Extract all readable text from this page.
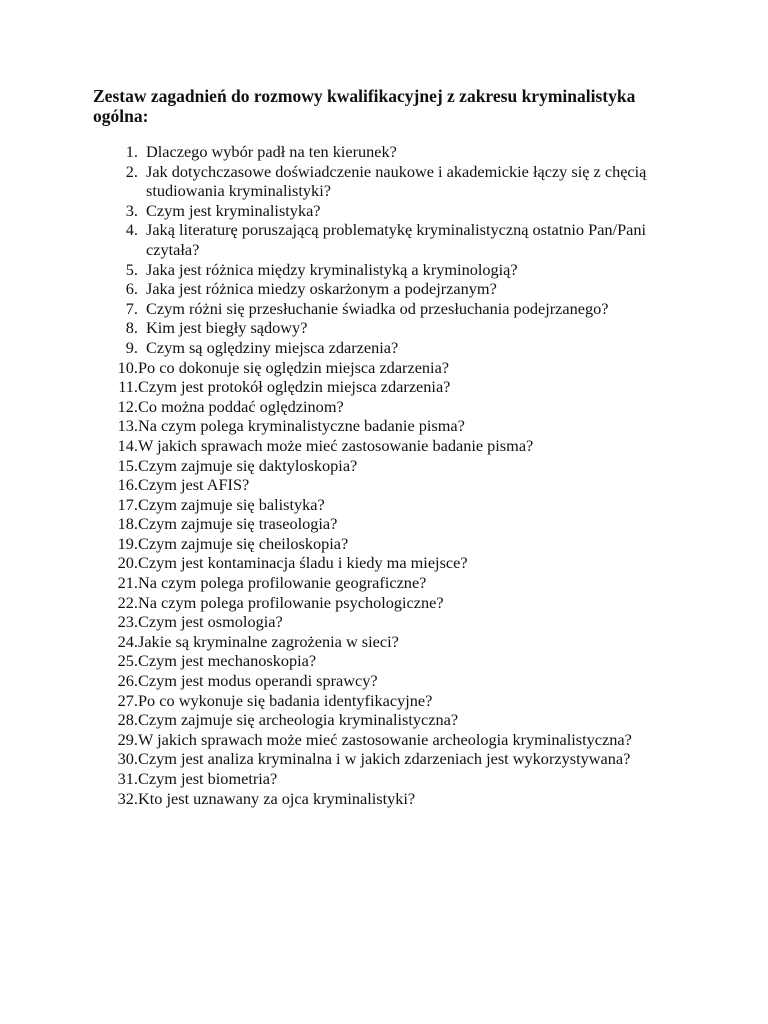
Zestaw zagadnień do rozmowy kwalifikacyjnej z zakresu kryminalistyka ogólna:
1. Dlaczego wybór padł na ten kierunek?
2. Jak dotychczasowe doświadczenie naukowe i akademickie łączy się z chęcią studiowania kryminalistyki?
3. Czym jest kryminalistyka?
4. Jaką literaturę poruszającą problematykę kryminalistyczną ostatnio Pan/Pani czytała?
5. Jaka jest różnica między kryminalistyką a kryminologią?
6. Jaka jest różnica miedzy oskarżonym a podejrzanym?
7. Czym różni się przesłuchanie świadka od przesłuchania podejrzanego?
8. Kim jest biegły sądowy?
9. Czym są oględziny miejsca zdarzenia?
10. Po co dokonuje się oględzin miejsca zdarzenia?
11. Czym jest protokół oględzin miejsca zdarzenia?
12. Co można poddać oględzinom?
13. Na czym polega kryminalistyczne badanie pisma?
14. W jakich sprawach może mieć zastosowanie badanie pisma?
15. Czym zajmuje się daktyloskopia?
16. Czym jest AFIS?
17. Czym zajmuje się balistyka?
18. Czym zajmuje się traseologia?
19. Czym zajmuje się cheiloskopia?
20. Czym jest kontaminacja śladu i kiedy ma miejsce?
21. Na czym polega profilowanie geograficzne?
22. Na czym polega profilowanie psychologiczne?
23. Czym jest osmologia?
24. Jakie są kryminalne zagrożenia w sieci?
25. Czym jest mechanoskopia?
26. Czym jest modus operandi sprawcy?
27. Po co wykonuje się badania identyfikacyjne?
28. Czym zajmuje się archeologia kryminalistyczna?
29. W jakich sprawach może mieć zastosowanie archeologia kryminalistyczna?
30. Czym jest analiza kryminalna i w jakich zdarzeniach jest wykorzystywana?
31. Czym jest biometria?
32. Kto jest uznawany za ojca kryminalistyki?
